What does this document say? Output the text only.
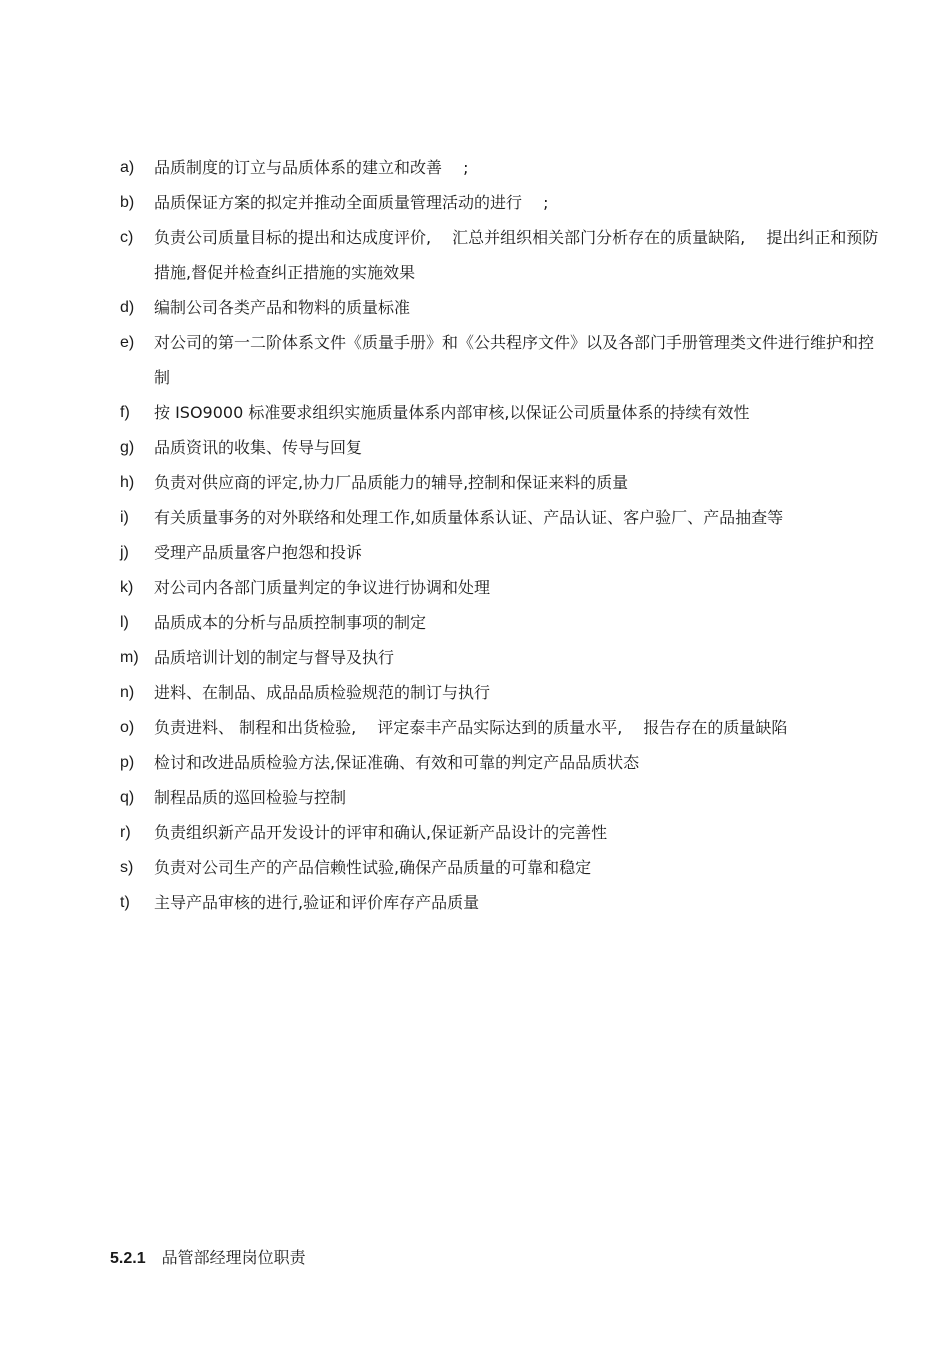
a) 品质制度的订立与品质体系的建立和改善　 ;
b) 品质保证方案的拟定并推动全面质量管理活动的进行　 ;
c) 负责公司质量目标的提出和达成度评价,　 汇总并组织相关部门分析存在的质量缺陷,　 提出纠正和预防措施,督促并检查纠正措施的实施效果
d) 编制公司各类产品和物料的质量标准
e) 对公司的第一二阶体系文件《质量手册》和《公共程序文件》以及各部门手册管理类文件进行维护和控制
f) 按 ISO9000 标准要求组织实施质量体系内部审核,以保证公司质量体系的持续有效性
g) 品质资讯的收集、传导与回复
h) 负责对供应商的评定,协力厂品质能力的辅导,控制和保证来料的质量
i) 有关质量事务的对外联络和处理工作,如质量体系认证、产品认证、客户验厂、产品抽查等
j) 受理产品质量客户抱怨和投诉
k) 对公司内各部门质量判定的争议进行协调和处理
l) 品质成本的分析与品质控制事项的制定
m) 品质培训计划的制定与督导及执行
n) 进料、在制品、成品品质检验规范的制订与执行
o) 负责进料、 制程和出货检验,　 评定泰丰产品实际达到的质量水平,　 报告存在的质量缺陷
p) 检讨和改进品质检验方法,保证准确、有效和可靠的判定产品品质状态
q) 制程品质的巡回检验与控制
r) 负责组织新产品开发设计的评审和确认,保证新产品设计的完善性
s) 负责对公司生产的产品信赖性试验,确保产品质量的可靠和稳定
t) 主导产品审核的进行,验证和评价库存产品质量
5.2.1 品管部经理岗位职责
